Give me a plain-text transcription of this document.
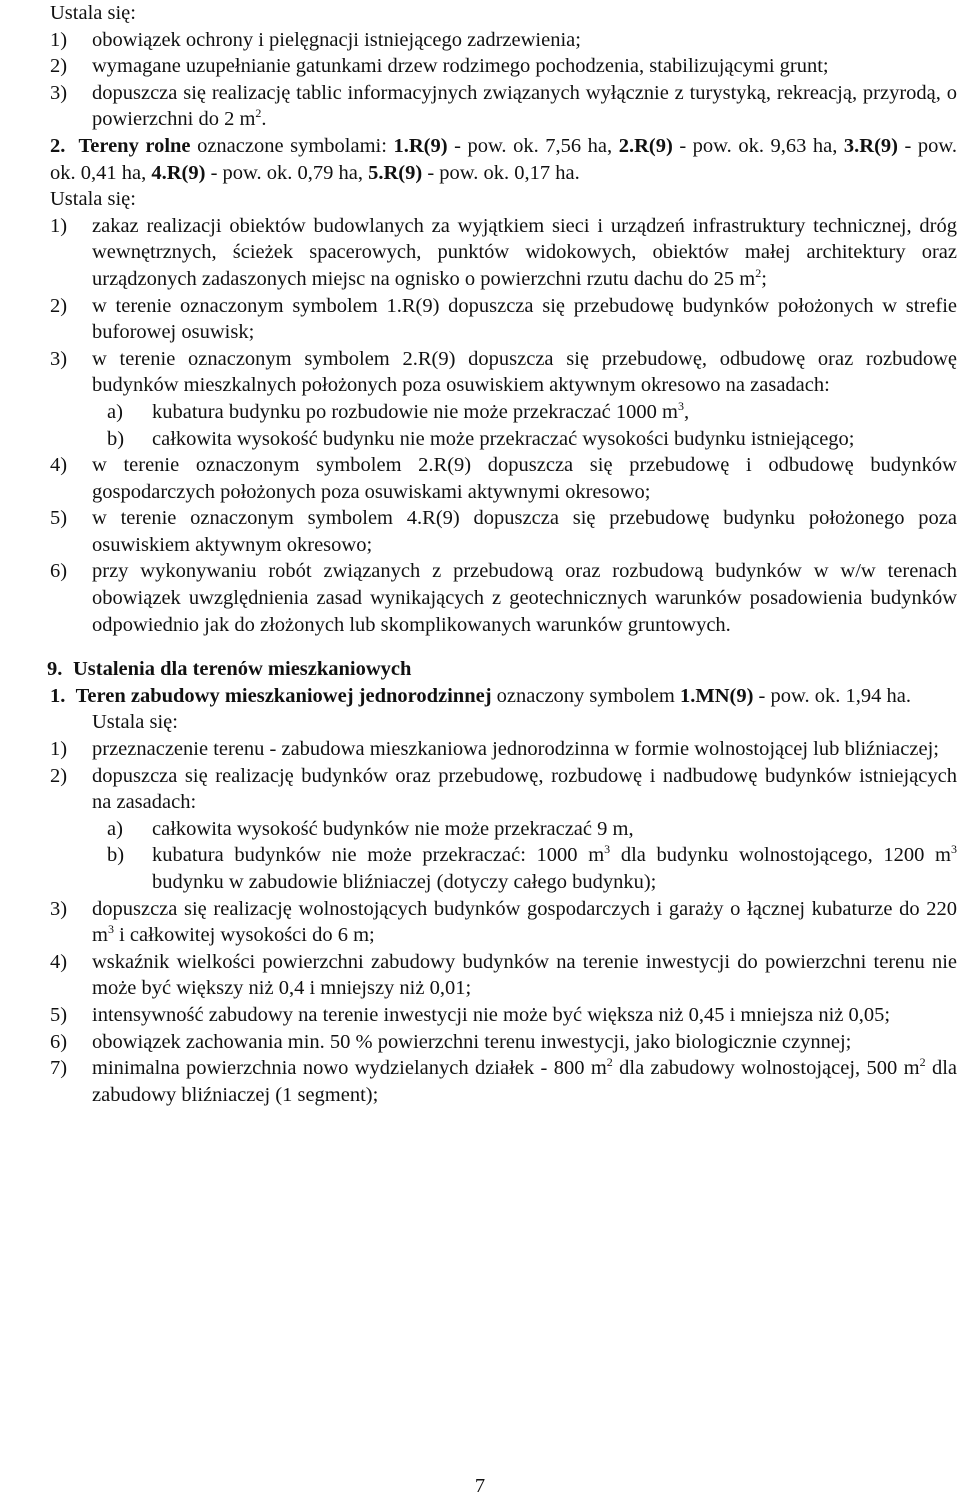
Ustala się:

1)	obowiązek ochrony i pielęgnacji istniejącego zadrzewienia;
2)	wymagane uzupełnianie gatunkami drzew rodzimego pochodzenia, stabilizującymi grunt;
3)	dopuszcza się realizację tablic informacyjnych związanych wyłącznie z turystyką, rekreacją, przyrodą, o powierzchni do 2 $m^2$.

2. Tereny rolne oznaczone symbolami: 1.R(9) - pow. ok. 7,56 ha, 2.R(9) - pow. ok. 9,63 ha, 3.R(9) - pow. ok. 0,41 ha, 4.R(9) - pow. ok. 0,79 ha, 5.R(9) - pow. ok. 0,17 ha.

Ustala się:

1)	zakaz realizacji obiektów budowlanych za wyjątkiem sieci i urządzeń infrastruktury technicznej, dróg wewnętrznych, ścieżek spacerowych, punktów widokowych, obiektów małej architektury oraz urządzonych zadaszonych miejsc na ognisko o powierzchni rzutu dachu do 25 $m^2$;
2)	w terenie oznaczonym symbolem 1.R(9) dopuszcza się przebudowę budynków położonych w strefie buforowej osuwisk;
3)	w terenie oznaczonym symbolem 2.R(9) dopuszcza się przebudowę, odbudowę oraz rozbudowę budynków mieszkalnych położonych poza osuwiskiem aktywnym okresowo na zasadach:
a)	kubatura budynku po rozbudowie nie może przekraczać 1000 $m^3$,
b)	całkowita wysokość budynku nie może przekraczać wysokości budynku istniejącego;
4)	w terenie oznaczonym symbolem 2.R(9) dopuszcza się przebudowę i odbudowę budynków gospodarczych położonych poza osuwiskami aktywnymi okresowo;
5)	w terenie oznaczonym symbolem 4.R(9) dopuszcza się przebudowę budynku położonego poza osuwiskiem aktywnym okresowo;
6)	przy wykonywaniu robót związanych z przebudową oraz rozbudową budynków w w/w terenach obowiązek uwzględnienia zasad wynikających z geotechnicznych warunków posadowienia budynków odpowiednio jak do złożonych lub skomplikowanych warunków gruntowych.

9. Ustalenia dla terenów mieszkaniowych

1. Teren zabudowy mieszkaniowej jednorodzinnej oznaczony symbolem 1.MN(9) - pow. ok. 1,94 ha.

Ustala się:

1)	przeznaczenie terenu - zabudowa mieszkaniowa jednorodzinna w formie wolnostojącej lub bliźniaczej;
2)	dopuszcza się realizację budynków oraz przebudowę, rozbudowę i nadbudowę budynków istniejących na zasadach:
a)	całkowita wysokość budynków nie może przekraczać 9 m,
b)	kubatura budynków nie może przekraczać: 1000 $m^3$ dla budynku wolnostojącego, 1200 $m^3$ budynku w zabudowie bliźniaczej (dotyczy całego budynku);
3)	dopuszcza się realizację wolnostojących budynków gospodarczych i garaży o łącznej kubaturze do 220 $m^3$ i całkowitej wysokości do 6 m;
4)	wskaźnik wielkości powierzchni zabudowy budynków na terenie inwestycji do powierzchni terenu nie może być większy niż 0,4 i mniejszy niż 0,01;
5)	intensywność zabudowy na terenie inwestycji nie może być większa niż 0,45 i mniejsza niż 0,05;
6)	obowiązek zachowania min. 50 % powierzchni terenu inwestycji, jako biologicznie czynnej;
7)	minimalna powierzchnia nowo wydzielanych działek - 800 $m^2$ dla zabudowy wolnostojącej, 500 $m^2$ dla zabudowy bliźniaczej (1 segment);
7
